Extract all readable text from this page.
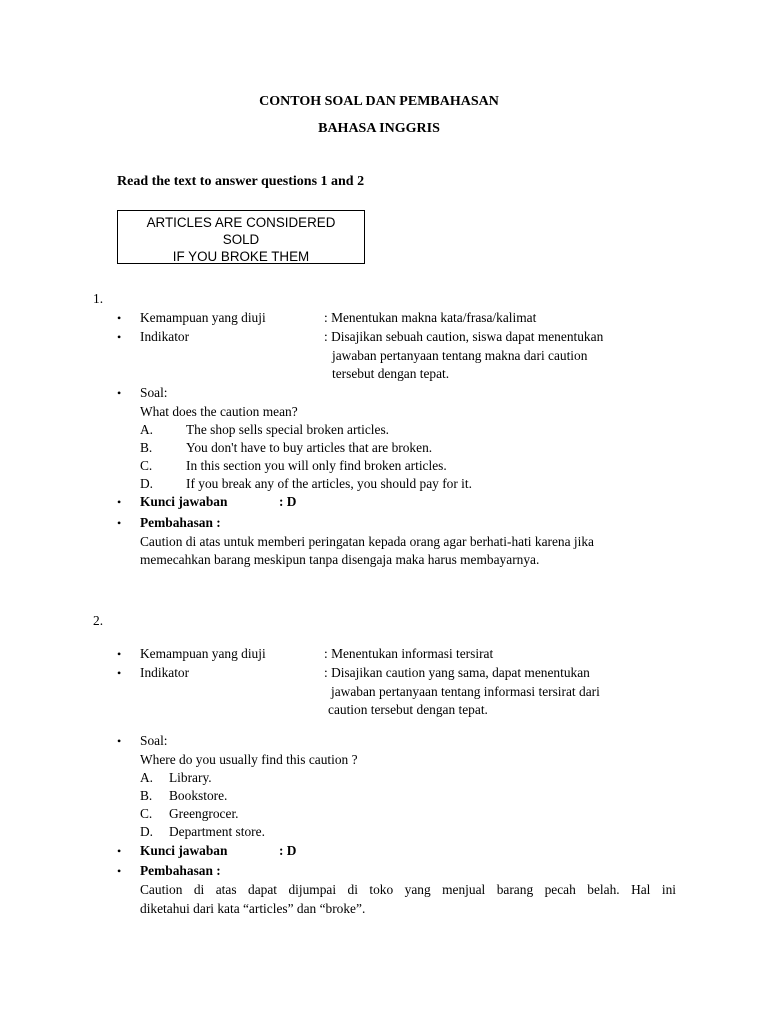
CONTOH SOAL DAN PEMBAHASAN
BAHASA INGGRIS
Read the text to answer questions 1 and 2
ARTICLES ARE CONSIDERED
SOLD
IF YOU BROKE THEM
1.
• Kemampuan yang diuji	: Menentukan makna kata/frasa/kalimat
• Indikator	: Disajikan sebuah caution, siswa dapat menentukan
jawaban pertanyaan tentang makna dari caution
tersebut dengan tepat.
• Soal:
What does the caution mean?
A. The shop sells special broken articles.
B.	You don't have to buy articles that are broken.
C.	In this section you will only find broken articles.
D. If you break any of the articles, you should pay for it.
• Kunci jawaban	: D
• Pembahasan :
Caution di atas untuk memberi peringatan kepada orang agar berhati-hati karena jika
memecahkan barang meskipun tanpa disengaja maka harus membayarnya.
2.
• Kemampuan yang diuji	: Menentukan informasi tersirat
• Indikator	: Disajikan caution yang sama, dapat menentukan
jawaban pertanyaan tentang informasi tersirat dari
caution tersebut dengan tepat.
• Soal:
Where do you usually find this caution ?
A. Library.
B. Bookstore.
C. Greengrocer.
D. Department store.
• Kunci jawaban	: D
• Pembahasan :
Caution di atas dapat dijumpai di toko yang menjual barang pecah belah. Hal ini
diketahui dari kata “articles” dan “broke”.
